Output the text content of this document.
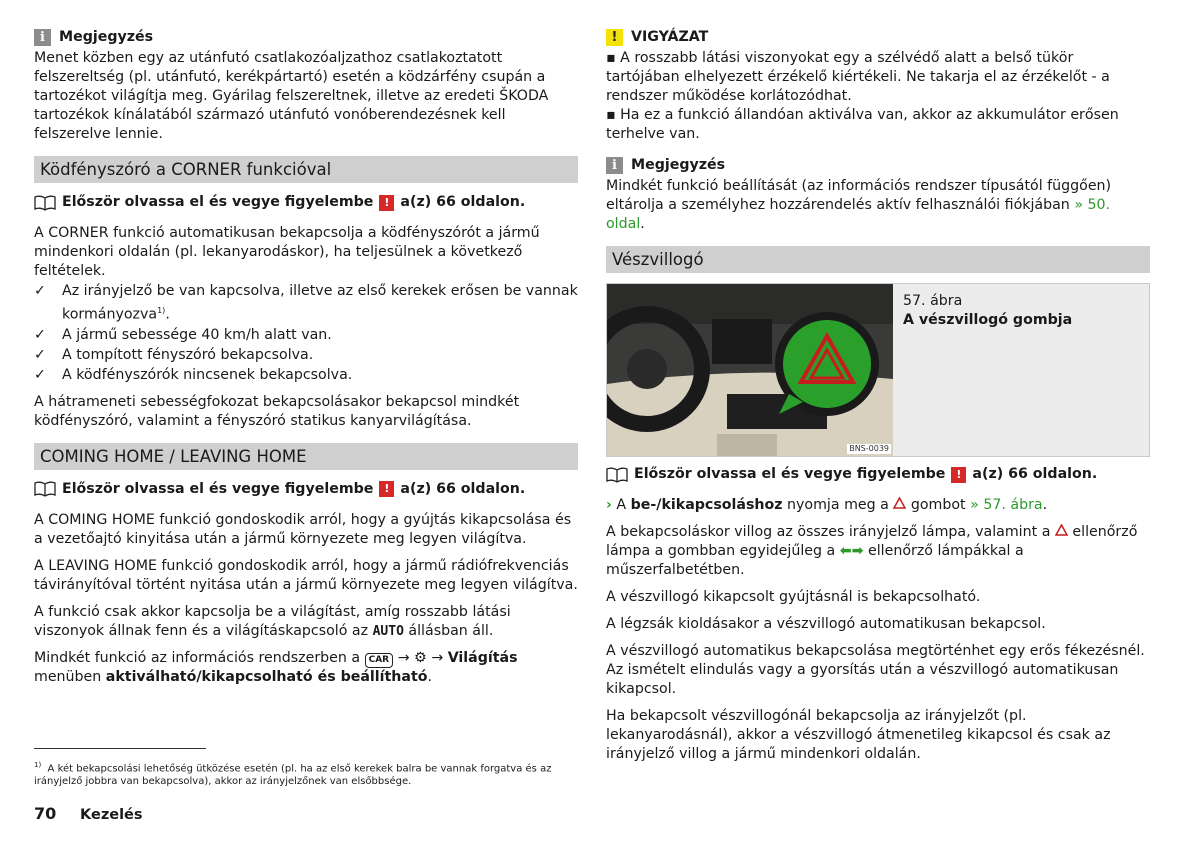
i Megjegyzés

Menet közben egy az utánfutó csatlakozóaljzathoz csatlakoztatott felszereltség (pl. utánfutó, kerékpártartó) esetén a ködzárfény csupán a tartozékot világítja meg. Gyárilag felszereltnek, illetve az eredeti ŠKODA tartozékok kínálatából származó utánfutó vonóberendezésnek kell felszerelve lennie.

Ködfényszóró a CORNER funkcióval
Először olvassa el és vegye figyelembe ! a(z) 66 oldalon.

A CORNER funkció automatikusan bekapcsolja a ködfényszórót a jármű mindenkori oldalán (pl. lekanyarodáskor), ha teljesülnek a következő feltételek.

✓	Az irányjelző be van kapcsolva, illetve az első kerekek erősen be vannak kormányozva$^{1)}$.
✓	A jármű sebessége 40 km/h alatt van.
✓	A tompított fényszóró bekapcsolva.
✓	A ködfényszórók nincsenek bekapcsolva.

A hátrameneti sebességfokozat bekapcsolásakor bekapcsol mindkét ködfényszóró, valamint a fényszóró statikus kanyarvilágítása.

COMING HOME / LEAVING HOME
Először olvassa el és vegye figyelembe ! a(z) 66 oldalon.

A COMING HOME funkció gondoskodik arról, hogy a gyújtás kikapcsolása és a vezetőajtó kinyitása után a jármű környezete meg legyen világítva.

A LEAVING HOME funkció gondoskodik arról, hogy a jármű rádiófrekvenciás távirányítóval történt nyitása után a jármű környezete meg legyen világítva.

A funkció csak akkor kapcsolja be a világítást, amíg rosszabb látási viszonyok állnak fenn és a világításkapcsoló az AUTO állásban áll.

Mindkét funkció az információs rendszerben a CAR → ⚙ → Világítás menüben aktiválható/kikapcsolható és beállítható.

! VIGYÁZAT

▪ A rosszabb látási viszonyokat egy a szélvédő alatt a belső tükör tartójában elhelyezett érzékelő kiértékeli. Ne takarja el az érzékelőt - a rendszer működése korlátozódhat.

▪ Ha ez a funkció állandóan aktiválva van, akkor az akkumulátor erősen terhelve van.

i Megjegyzés

Mindkét funkció beállítását (az információs rendszer típusától függően) eltárolja a személyhez hozzárendelés aktív felhasználói fiókjában » 50. oldal.

Vészvillogó
BNS-0039
57. ábra
A vészvillogó gombja
Először olvassa el és vegye figyelembe ! a(z) 66 oldalon.

› A be-/kikapcsoláshoz nyomja meg a gombot » 57. ábra.

A bekapcsoláskor villog az összes irányjelző lámpa, valamint a ellenőrző lámpa a gombban egyidejűleg a ⬅➡ ellenőrző lámpákkal a műszerfalbetétben.

A vészvillogó kikapcsolt gyújtásnál is bekapcsolható.

A légzsák kioldásakor a vészvillogó automatikusan bekapcsol.

A vészvillogó automatikus bekapcsolása megtörténhet egy erős fékezésnél. Az ismételt elindulás vagy a gyorsítás után a vészvillogó automatikusan kikapcsol.

Ha bekapcsolt vészvillogónál bekapcsolja az irányjelzőt (pl. lekanyarodásnál), akkor a vészvillogó átmenetileg kikapcsol és csak az irányjelző villog a jármű mindenkori oldalán.

$^{1)}$ A két bekapcsolási lehetőség ütközése esetén (pl. ha az első kerekek balra be vannak forgatva és az irányjelző jobbra van bekapcsolva), akkor az irányjelzőnek van elsőbbsége.
70 Kezelés
